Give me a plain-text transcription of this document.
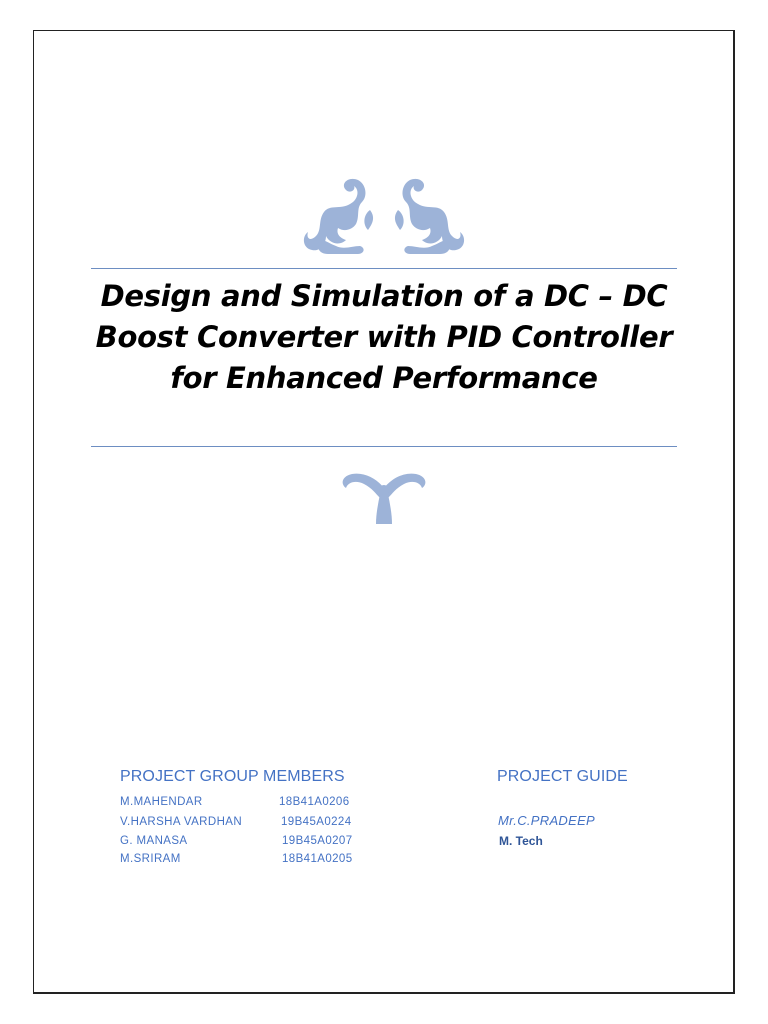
Design and Simulation of a DC – DC Boost Converter with PID Controller for Enhanced Performance
PROJECT GROUP MEMBERS
M.MAHENDAR	18B41A0206
V.HARSHA VARDHAN	19B45A0224
G. MANASA	19B45A0207
M.SRIRAM	18B41A0205
PROJECT GUIDE
Mr.C.PRADEEP
M. Tech
